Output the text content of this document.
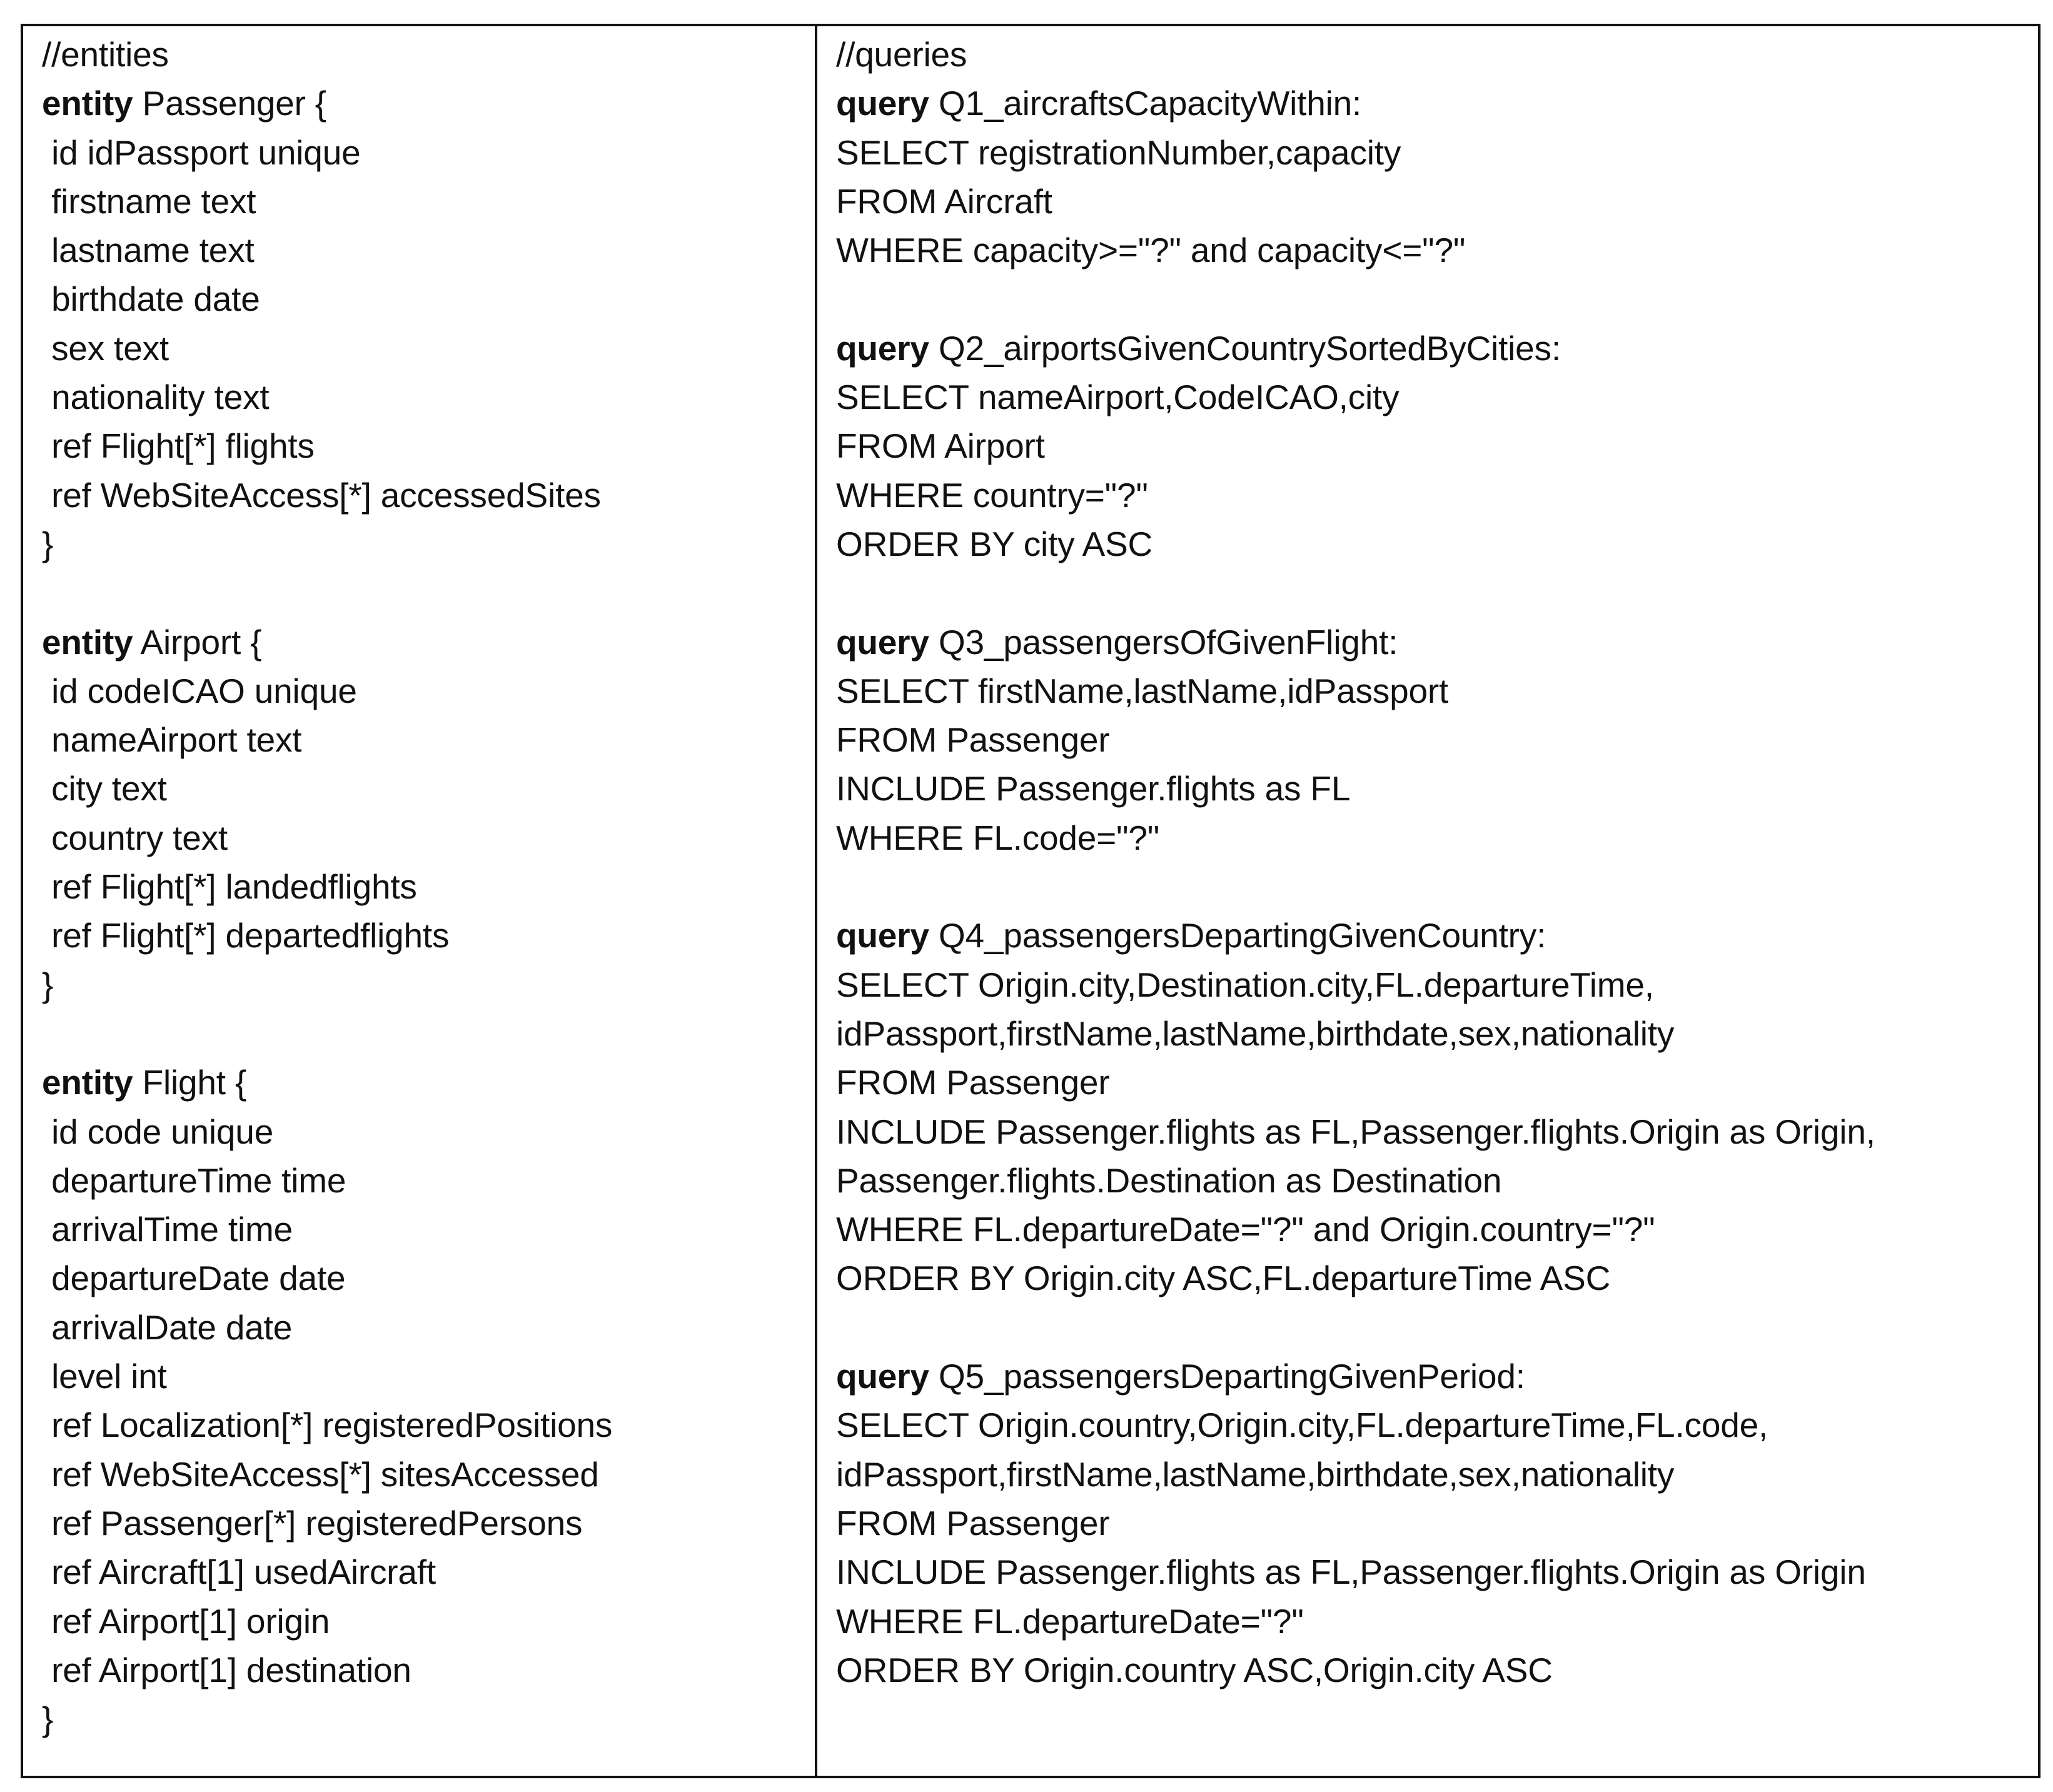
//entities
entity Passenger {
id idPassport unique
firstname text
lastname text
birthdate date
sex text
nationality text
ref Flight[*] flights
ref WebSiteAccess[*] accessedSites
}
entity Airport {
id codeICAO unique
nameAirport text
city text
country text
ref Flight[*] landedflights
ref Flight[*] departedflights
}
entity Flight {
id code unique
departureTime time
arrivalTime time
departureDate date
arrivalDate date
level int
ref Localization[*] registeredPositions
ref WebSiteAccess[*] sitesAccessed
ref Passenger[*] registeredPersons
ref Aircraft[1] usedAircraft
ref Airport[1] origin
ref Airport[1] destination
}
//queries
query Q1_aircraftsCapacityWithin:
SELECT registrationNumber,capacity
FROM Aircraft
WHERE capacity>="?" and capacity<="?"
query Q2_airportsGivenCountrySortedByCities:
SELECT nameAirport,CodeICAO,city
FROM Airport
WHERE country="?"
ORDER BY city ASC
query Q3_passengersOfGivenFlight:
SELECT firstName,lastName,idPassport
FROM Passenger
INCLUDE Passenger.flights as FL
WHERE FL.code="?"
query Q4_passengersDepartingGivenCountry:
SELECT Origin.city,Destination.city,FL.departureTime,
idPassport,firstName,lastName,birthdate,sex,nationality
FROM Passenger
INCLUDE Passenger.flights as FL,Passenger.flights.Origin as Origin,
Passenger.flights.Destination as Destination
WHERE FL.departureDate="?" and Origin.country="?"
ORDER BY Origin.city ASC,FL.departureTime ASC
query Q5_passengersDepartingGivenPeriod:
SELECT Origin.country,Origin.city,FL.departureTime,FL.code,
idPassport,firstName,lastName,birthdate,sex,nationality
FROM Passenger
INCLUDE Passenger.flights as FL,Passenger.flights.Origin as Origin
WHERE FL.departureDate="?"
ORDER BY Origin.country ASC,Origin.city ASC
